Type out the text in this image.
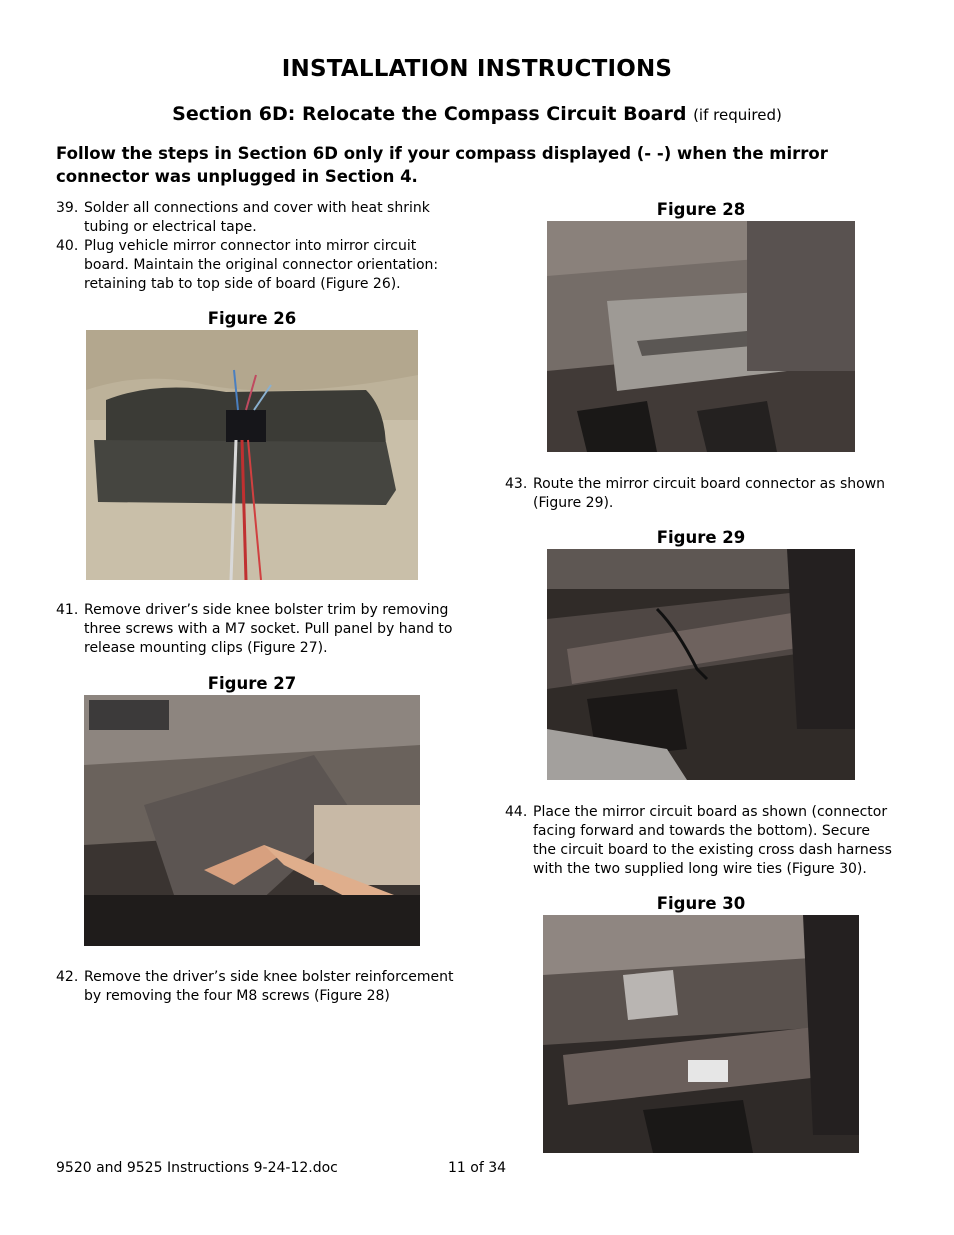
INSTALLATION INSTRUCTIONS
Section 6D: Relocate the Compass Circuit Board (if required)
Follow the steps in Section 6D only if your compass displayed (- -) when the mirror connector was unplugged in Section 4.
39. Solder all connections and cover with heat shrink tubing or electrical tape.
40. Plug vehicle mirror connector into mirror circuit board. Maintain the original connector orientation: retaining tab to top side of board (Figure 26).
Figure 26
41. Remove driver’s side knee bolster trim by removing three screws with a M7 socket. Pull panel by hand to release mounting clips (Figure 27).
Figure 27
42. Remove the driver’s side knee bolster reinforcement by removing the four M8 screws (Figure 28)
Figure 28
43. Route the mirror circuit board connector as shown (Figure 29).
Figure 29
44. Place the mirror circuit board as shown (connector facing forward and towards the bottom). Secure the circuit board to the existing cross dash harness with the two supplied long wire ties (Figure 30).
Figure 30
9520 and 9525 Instructions 9-24-12.doc	11 of 34
